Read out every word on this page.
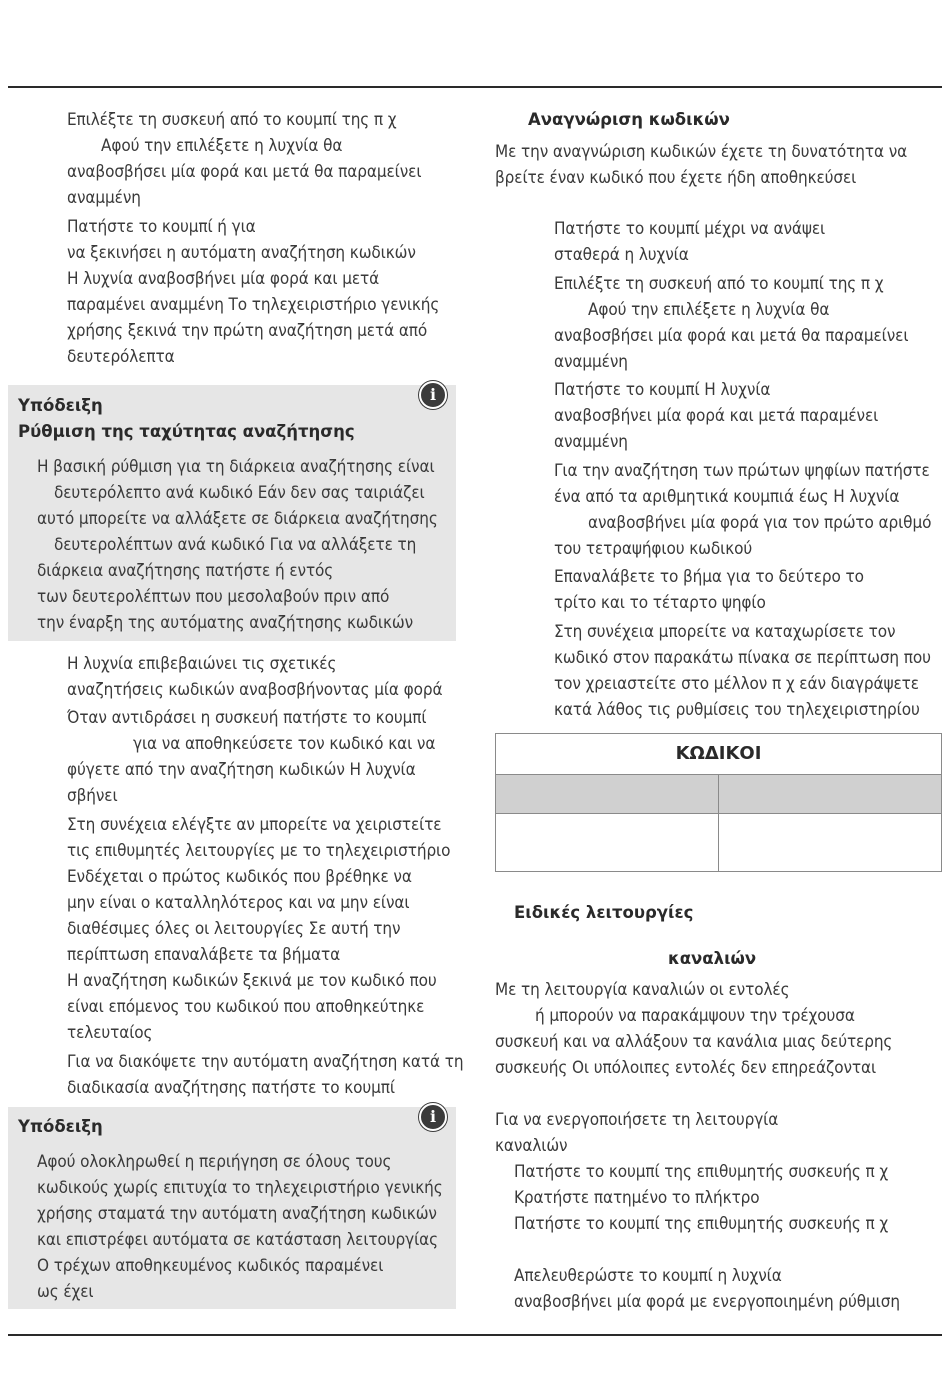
Επιλέξτε τη συσκευή από το κουμπί της π χ
Αφού την επιλέξετε η λυχνία θα
αναβοσβήσει μία φορά και μετά θα παραμείνει
αναμμένη
Πατήστε το κουμπί ή για
να ξεκινήσει η αυτόματη αναζήτηση κωδικών
Η λυχνία αναβοσβήνει μία φορά και μετά
παραμένει αναμμένη Το τηλεχειριστήριο γενικής
χρήσης ξεκινά την πρώτη αναζήτηση μετά από
δευτερόλεπτα
i
Υπόδειξη
Ρύθμιση της ταχύτητας αναζήτησης
Η βασική ρύθμιση για τη διάρκεια αναζήτησης είναι
δευτερόλεπτο ανά κωδικό Εάν δεν σας ταιριάζει
αυτό μπορείτε να αλλάξετε σε διάρκεια αναζήτησης
δευτερολέπτων ανά κωδικό Για να αλλάξετε τη
διάρκεια αναζήτησης πατήστε ή εντός
των δευτερολέπτων που μεσολαβούν πριν από
την έναρξη της αυτόματης αναζήτησης κωδικών
Η λυχνία επιβεβαιώνει τις σχετικές
αναζητήσεις κωδικών αναβοσβήνοντας μία φορά
Όταν αντιδράσει η συσκευή πατήστε το κουμπί
για να αποθηκεύσετε τον κωδικό και να
φύγετε από την αναζήτηση κωδικών Η λυχνία
σβήνει
Στη συνέχεια ελέγξτε αν μπορείτε να χειριστείτε
τις επιθυμητές λειτουργίες με το τηλεχειριστήριο
Ενδέχεται ο πρώτος κωδικός που βρέθηκε να
μην είναι ο καταλληλότερος και να μην είναι
διαθέσιμες όλες οι λειτουργίες Σε αυτή την
περίπτωση επαναλάβετε τα βήματα
Η αναζήτηση κωδικών ξεκινά με τον κωδικό που
είναι επόμενος του κωδικού που αποθηκεύτηκε
τελευταίος
Για να διακόψετε την αυτόματη αναζήτηση κατά τη
διαδικασία αναζήτησης πατήστε το κουμπί
i
Υπόδειξη
Αφού ολοκληρωθεί η περιήγηση σε όλους τους
κωδικούς χωρίς επιτυχία το τηλεχειριστήριο γενικής
χρήσης σταματά την αυτόματη αναζήτηση κωδικών
και επιστρέφει αυτόματα σε κατάσταση λειτουργίας
Ο τρέχων αποθηκευμένος κωδικός παραμένει
ως έχει
Αναγνώριση κωδικών
Με την αναγνώριση κωδικών έχετε τη δυνατότητα να
βρείτε έναν κωδικό που έχετε ήδη αποθηκεύσει
Πατήστε το κουμπί μέχρι να ανάψει
σταθερά η λυχνία
Επιλέξτε τη συσκευή από το κουμπί της π χ
Αφού την επιλέξετε η λυχνία θα
αναβοσβήσει μία φορά και μετά θα παραμείνει
αναμμένη
Πατήστε το κουμπί Η λυχνία
αναβοσβήνει μία φορά και μετά παραμένει
αναμμένη
Για την αναζήτηση των πρώτων ψηφίων πατήστε
ένα από τα αριθμητικά κουμπιά έως Η λυχνία
αναβοσβήνει μία φορά για τον πρώτο αριθμό
του τετραψήφιου κωδικού
Επαναλάβετε το βήμα για το δεύτερο το
τρίτο και το τέταρτο ψηφίο
Στη συνέχεια μπορείτε να καταχωρίσετε τον
κωδικό στον παρακάτω πίνακα σε περίπτωση που
τον χρειαστείτε στο μέλλον π χ εάν διαγράψετε
κατά λάθος τις ρυθμίσεις του τηλεχειριστηρίου
ΚΩΔΙΚΟΙ
Ειδικές λειτουργίες
καναλιών
Με τη λειτουργία καναλιών οι εντολές
ή μπορούν να παρακάμψουν την τρέχουσα
συσκευή και να αλλάξουν τα κανάλια μιας δεύτερης
συσκευής Οι υπόλοιπες εντολές δεν επηρεάζονται
Για να ενεργοποιήσετε τη λειτουργία
καναλιών
Πατήστε το κουμπί της επιθυμητής συσκευής π χ
Κρατήστε πατημένο το πλήκτρο
Πατήστε το κουμπί της επιθυμητής συσκευής π χ
Απελευθερώστε το κουμπί η λυχνία
αναβοσβήνει μία φορά με ενεργοποιημένη ρύθμιση
